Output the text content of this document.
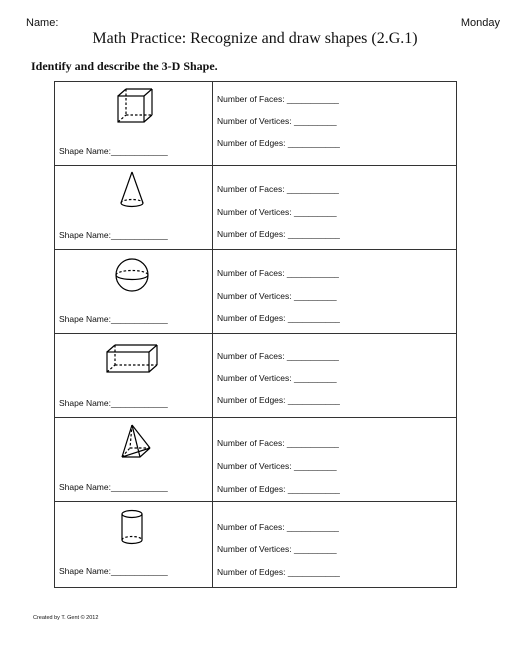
Name:	Monday
Math Practice: Recognize and draw shapes (2.G.1)
Identify and describe the 3-D Shape.
Shape Name:____________
Number of Faces: ___________
Number of Vertices: _________
Number of Edges: ___________
Shape Name:____________
Number of Faces: ___________
Number of Vertices: _________
Number of Edges: ___________
Shape Name:____________
Number of Faces: ___________
Number of Vertices: _________
Number of Edges: ___________
Shape Name:____________
Number of Faces: ___________
Number of Vertices: _________
Number of Edges: ___________
Shape Name:____________
Number of Faces: ___________
Number of Vertices: _________
Number of Edges: ___________
Shape Name:____________
Number of Faces: ___________
Number of Vertices: _________
Number of Edges: ___________
Created by T. Gent © 2012
